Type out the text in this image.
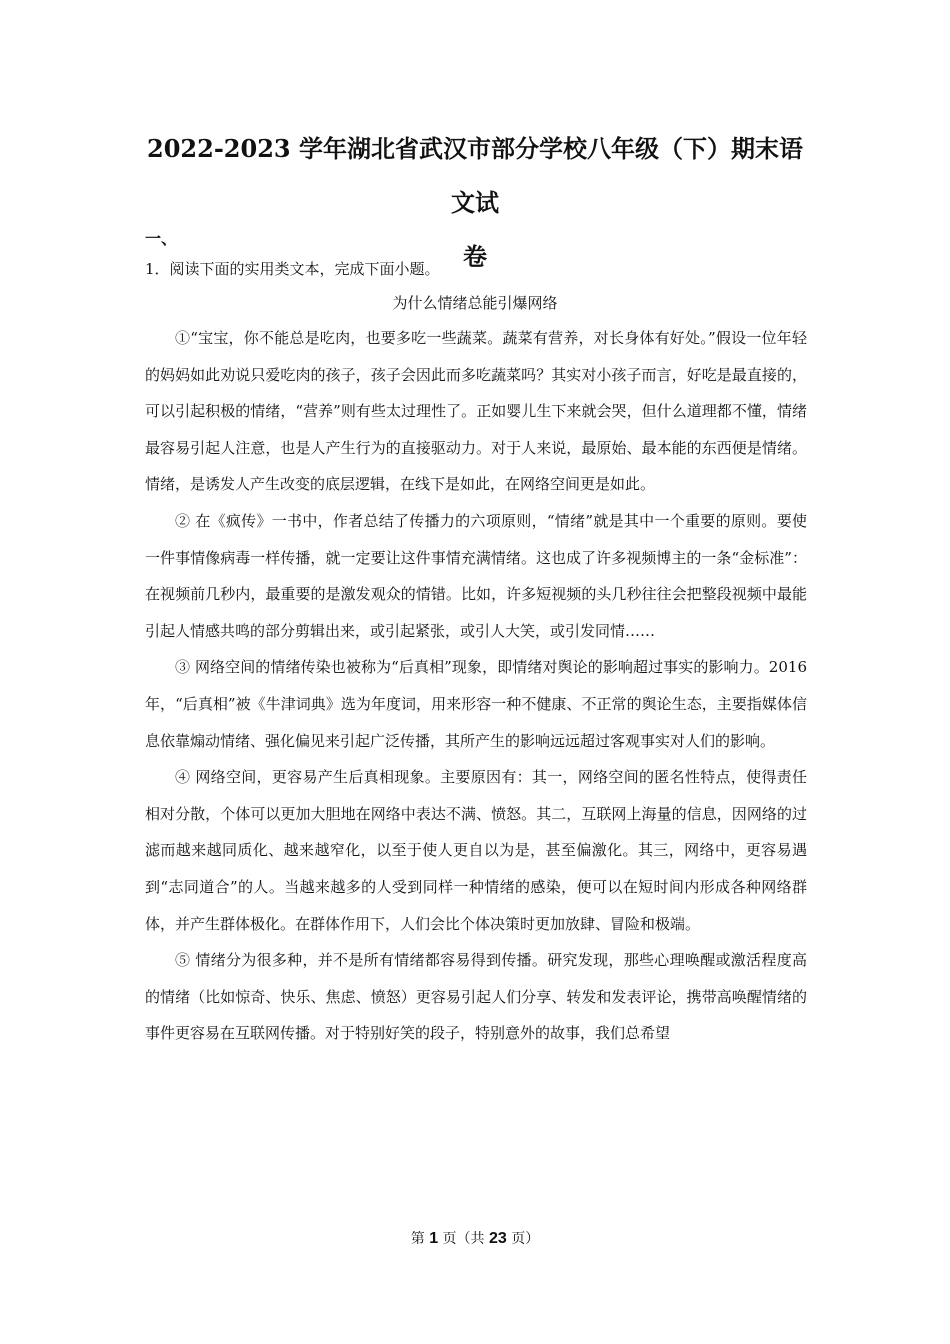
2022-2023 学年湖北省武汉市部分学校八年级（下）期末语文试
卷
一、
1．阅读下面的实用类文本，完成下面小题。
为什么情绪总能引爆网络

①“宝宝，你不能总是吃肉，也要多吃一些蔬菜。蔬菜有营养，对长身体有好处。”假设一位年轻的妈妈如此劝说只爱吃肉的孩子，孩子会因此而多吃蔬菜吗？其实对小孩子而言，好吃是最直接的，可以引起积极的情绪，“营养”则有些太过理性了。正如婴儿生下来就会哭，但什么道理都不懂，情绪最容易引起人注意，也是人产生行为的直接驱动力。对于人来说，最原始、最本能的东西便是情绪。情绪，是诱发人产生改变的底层逻辑，在线下是如此，在网络空间更是如此。

② 在《疯传》一书中，作者总结了传播力的六项原则，“情绪”就是其中一个重要的原则。要使一件事情像病毒一样传播，就一定要让这件事情充满情绪。这也成了许多视频博主的一条“金标准”：在视频前几秒内，最重要的是激发观众的情错。比如，许多短视频的头几秒往往会把整段视频中最能引起人情感共鸣的部分剪辑出来，或引起紧张，或引人大笑，或引发同情……

③ 网络空间的情绪传染也被称为“后真相”现象，即情绪对舆论的影响超过事实的影响力。2016年，“后真相”被《牛津词典》选为年度词，用来形容一种不健康、不正常的舆论生态，主要指媒体信息依靠煽动情绪、强化偏见来引起广泛传播，其所产生的影响远远超过客观事实对人们的影响。

④ 网络空间，更容易产生后真相现象。主要原因有：其一，网络空间的匿名性特点，使得责任相对分散，个体可以更加大胆地在网络中表达不满、愤怒。其二，互联网上海量的信息，因网络的过滤而越来越同质化、越来越窄化，以至于使人更自以为是，甚至偏激化。其三，网络中，更容易遇到“志同道合”的人。当越来越多的人受到同样一种情绪的感染，便可以在短时间内形成各种网络群体，并产生群体极化。在群体作用下，人们会比个体决策时更加放肆、冒险和极端。

⑤ 情绪分为很多种，并不是所有情绪都容易得到传播。研究发现，那些心理唤醒或激活程度高的情绪（比如惊奇、快乐、焦虑、愤怒）更容易引起人们分享、转发和发表评论，携带高唤醒情绪的事件更容易在互联网传播。对于特别好笑的段子，特别意外的故事，我们总希望

第 1 页（共 23 页）
